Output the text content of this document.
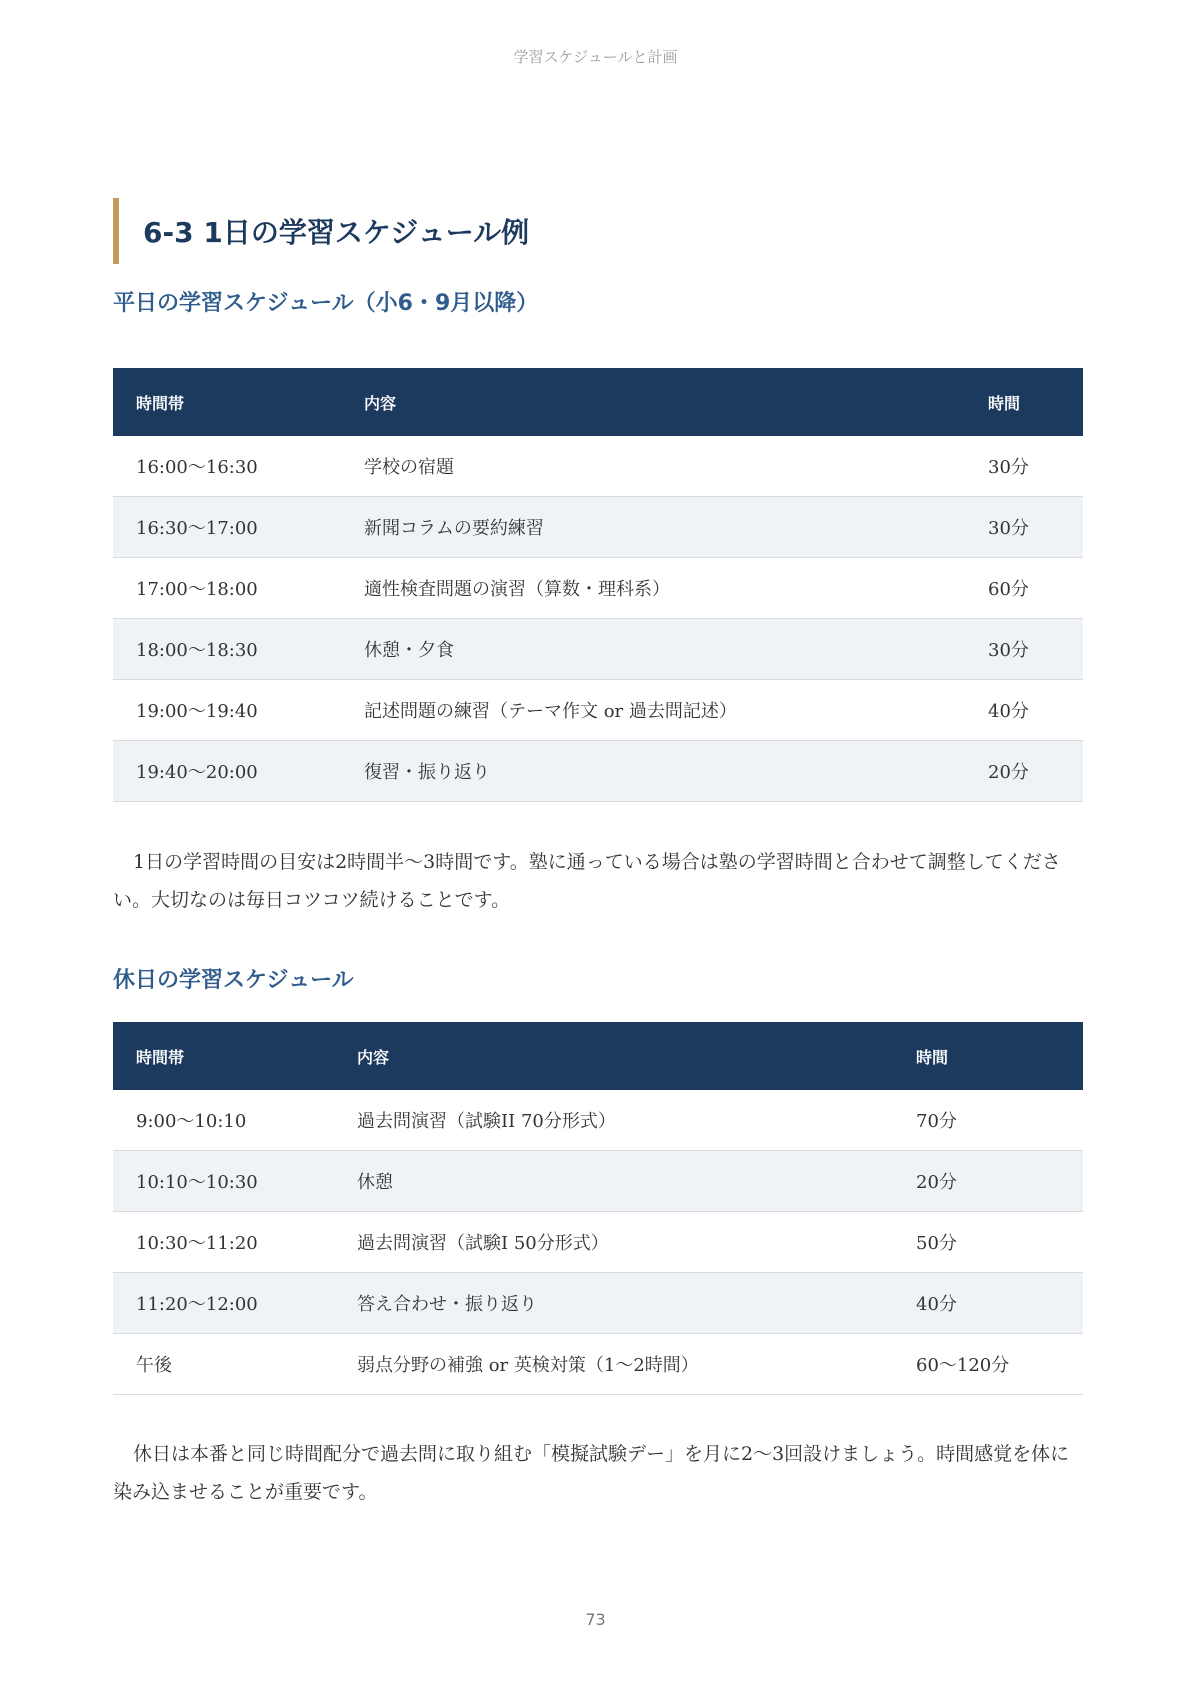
学習スケジュールと計画
6-3 1日の学習スケジュール例
平日の学習スケジュール（小6・9月以降）
時間帯	内容	時間
16:00〜16:30	学校の宿題	30分
16:30〜17:00	新聞コラムの要約練習	30分
17:00〜18:00	適性検査問題の演習（算数・理科系）	60分
18:00〜18:30	休憩・夕食	30分
19:00〜19:40	記述問題の練習（テーマ作文 or 過去問記述）	40分
19:40〜20:00	復習・振り返り	20分

1日の学習時間の目安は2時間半〜3時間です。塾に通っている場合は塾の学習時間と合わせて調整してください。大切なのは毎日コツコツ続けることです。

休日の学習スケジュール
時間帯	内容	時間
9:00〜10:10	過去問演習（試験II 70分形式）	70分
10:10〜10:30	休憩	20分
10:30〜11:20	過去問演習（試験I 50分形式）	50分
11:20〜12:00	答え合わせ・振り返り	40分
午後	弱点分野の補強 or 英検対策（1〜2時間）	60〜120分

休日は本番と同じ時間配分で過去問に取り組む「模擬試験デー」を月に2〜3回設けましょう。時間感覚を体に染み込ませることが重要です。

73
